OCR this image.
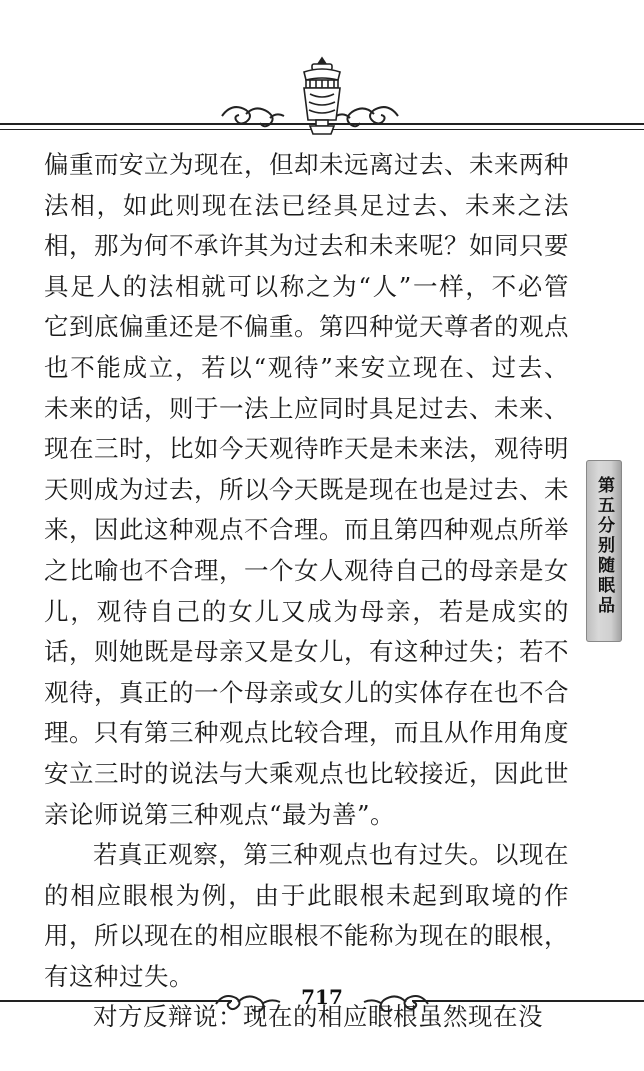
偏重而安立为现在，但却未远离过去、未来两种法相，如此则现在法已经具足过去、未来之法相，那为何不承许其为过去和未来呢？如同只要具足人的法相就可以称之为“人”一样，不必管它到底偏重还是不偏重。第四种觉天尊者的观点也不能成立，若以“观待”来安立现在、过去、未来的话，则于一法上应同时具足过去、未来、现在三时，比如今天观待昨天是未来法，观待明天则成为过去，所以今天既是现在也是过去、未来，因此这种观点不合理。而且第四种观点所举之比喻也不合理，一个女人观待自己的母亲是女儿，观待自己的女儿又成为母亲，若是成实的话，则她既是母亲又是女儿，有这种过失；若不观待，真正的一个母亲或女儿的实体存在也不合理。只有第三种观点比较合理，而且从作用角度安立三时的说法与大乘观点也比较接近，因此世亲论师说第三种观点“最为善”。

若真正观察，第三种观点也有过失。以现在的相应眼根为例，由于此眼根未起到取境的作用，所以现在的相应眼根不能称为现在的眼根，有这种过失。

对方反辩说：现在的相应眼根虽然现在没

第五分别随眠品
717
